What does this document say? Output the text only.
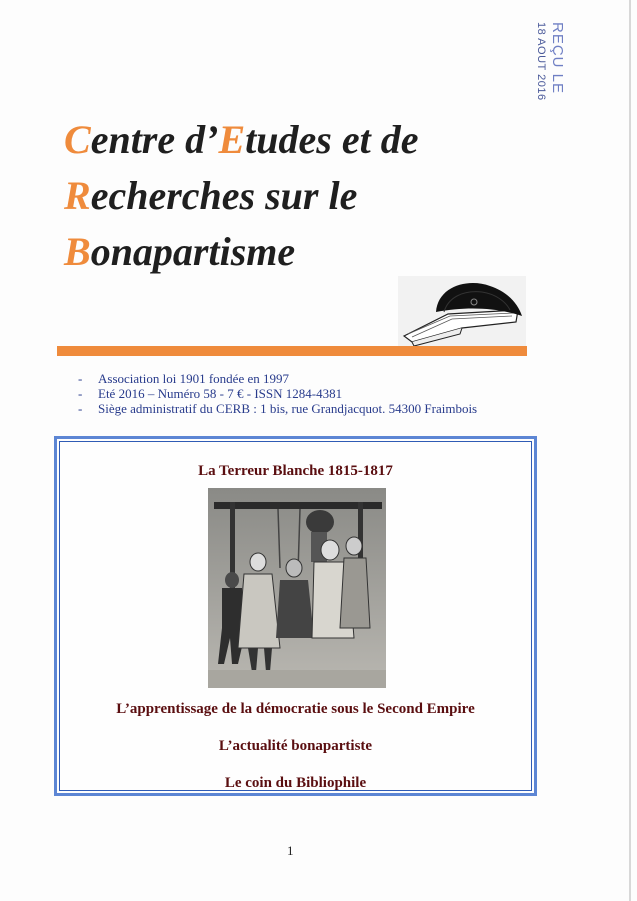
REÇU LE
18 AOUT 2016
Centre d’Etudes et de
Recherches sur le
Bonapartisme
- Association loi 1901 fondée en 1997
- Eté 2016 – Numéro 58 - 7 € - ISSN 1284-4381
- Siège administratif du CERB : 1 bis, rue Grandjacquot. 54300 Fraimbois
La Terreur Blanche 1815-1817
L’apprentissage de la démocratie sous le Second Empire
L’actualité bonapartiste
Le coin du Bibliophile
1
